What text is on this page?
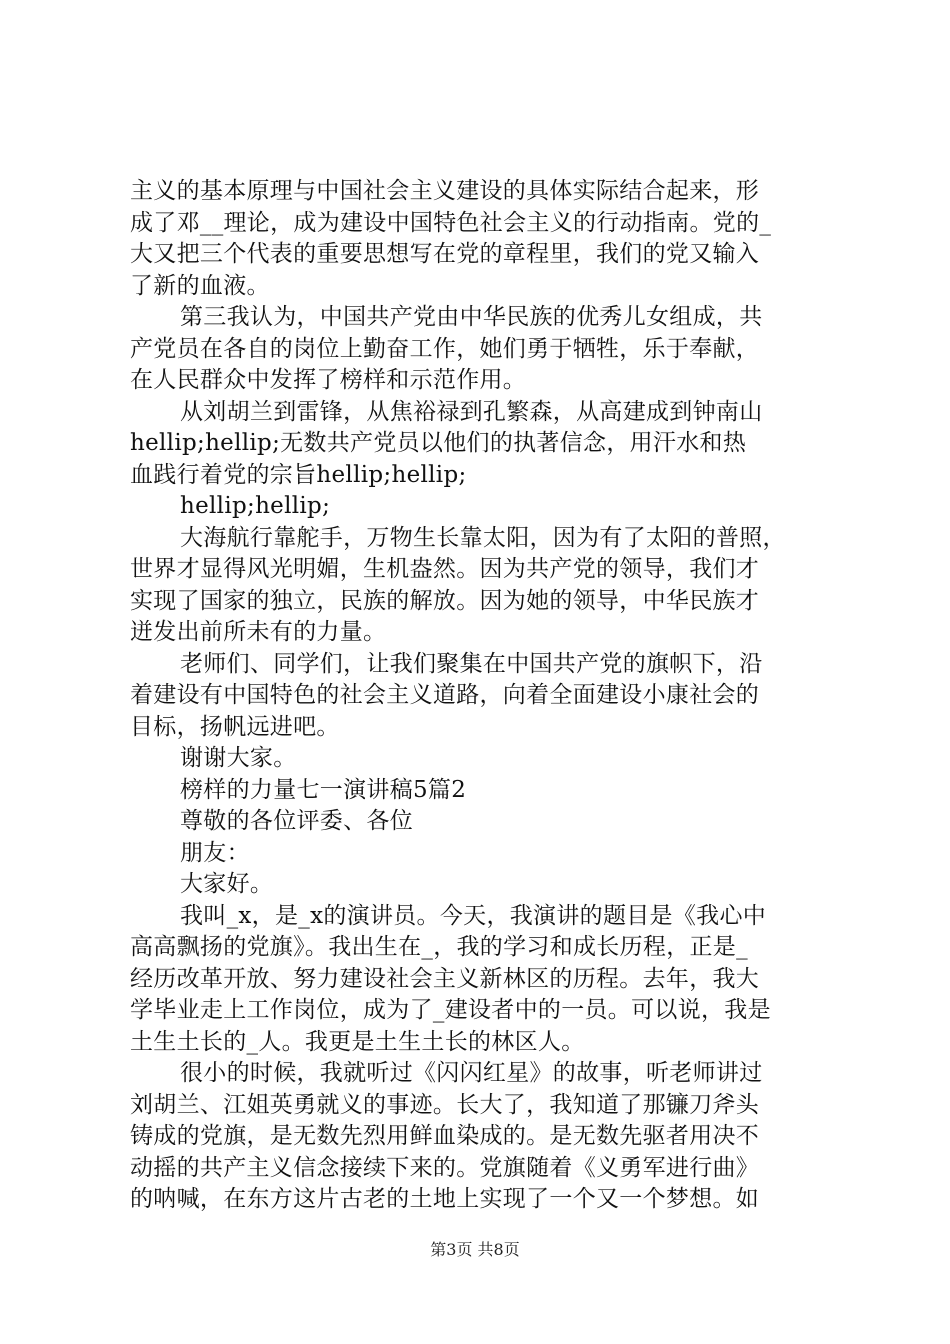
主义的基本原理与中国社会主义建设的具体实际结合起来，形
成了邓__理论，成为建设中国特色社会主义的行动指南。党的_
大又把三个代表的重要思想写在党的章程里，我们的党又输入
了新的血液。
第三我认为，中国共产党由中华民族的优秀儿女组成，共
产党员在各自的岗位上勤奋工作，她们勇于牺牲，乐于奉献，
在人民群众中发挥了榜样和示范作用。
从刘胡兰到雷锋，从焦裕禄到孔繁森，从高建成到钟南山
hellip;hellip;无数共产党员以他们的执著信念，用汗水和热
血践行着党的宗旨hellip;hellip;
hellip;hellip;
大海航行靠舵手，万物生长靠太阳，因为有了太阳的普照，
世界才显得风光明媚，生机盎然。因为共产党的领导，我们才
实现了国家的独立，民族的解放。因为她的领导，中华民族才
迸发出前所未有的力量。
老师们、同学们，让我们聚集在中国共产党的旗帜下，沿
着建设有中国特色的社会主义道路，向着全面建设小康社会的
目标，扬帆远进吧。
谢谢大家。
榜样的力量七一演讲稿5篇2
尊敬的各位评委、各位
朋友：
大家好。
我叫_x，是_x的演讲员。今天，我演讲的题目是《我心中
高高飘扬的党旗》。我出生在_，我的学习和成长历程，正是_
经历改革开放、努力建设社会主义新林区的历程。去年，我大
学毕业走上工作岗位，成为了_建设者中的一员。可以说，我是
土生土长的_人。我更是土生土长的林区人。
很小的时候，我就听过《闪闪红星》的故事，听老师讲过
刘胡兰、江姐英勇就义的事迹。长大了，我知道了那镰刀斧头
铸成的党旗，是无数先烈用鲜血染成的。是无数先驱者用决不
动摇的共产主义信念接续下来的。党旗随着《义勇军进行曲》
的呐喊，在东方这片古老的土地上实现了一个又一个梦想。如
第3页 共8页
